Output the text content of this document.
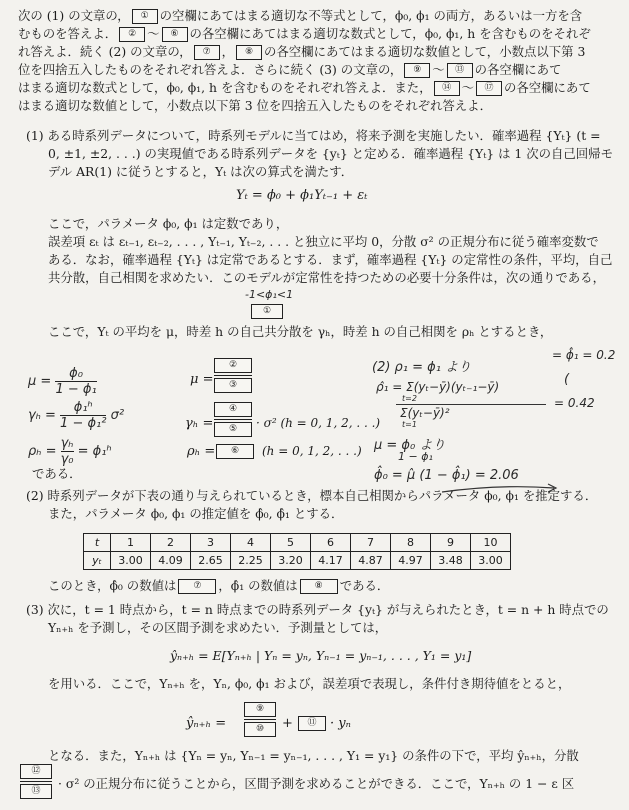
次の (1) の文章の， ① の空欄にあてはまる適切な不等式として，ϕ₀, ϕ₁ の両方，あるいは一方を含
むものを答えよ． ② 〜 ⑥ の各空欄にあてはまる適切な数式として，ϕ₀, ϕ₁, h を含むものをそれぞ
れ答えよ．続く (2) の文章の， ⑦ ， ⑧ の各空欄にあてはまる適切な数値として，小数点以下第 3
位を四捨五入したものをそれぞれ答えよ．さらに続く (3) の文章の， ⑨ 〜 ⑬ の各空欄にあて
はまる適切な数式として，ϕ₀, ϕ₁, h を含むものをそれぞれ答えよ．また， ⑭ 〜 ⑰ の各空欄にあて
はまる適切な数値として，小数点以下第 3 位を四捨五入したものをそれぞれ答えよ．
(1) ある時系列データについて，時系列モデルに当てはめ，将来予測を実施したい．確率過程 {Yₜ} (t =
0, ±1, ±2, . . .) の実現値である時系列データを {yₜ} と定める．確率過程 {Yₜ} は 1 次の自己回帰モ
デル AR(1) に従うとすると，Yₜ は次の算式を満たす．
Yₜ = ϕ₀ + ϕ₁Yₜ₋₁ + εₜ
ここで，パラメータ ϕ₀, ϕ₁ は定数であり，
誤差項 εₜ は εₜ₋₁, εₜ₋₂, . . . , Yₜ₋₁, Yₜ₋₂, . . . と独立に平均 0，分散 σ² の正規分布に従う確率変数で
ある．なお，確率過程 {Yₜ} は定常であるとする．まず，確率過程 {Yₜ} の定常性の条件，平均，自己
共分散，自己相関を求めたい．このモデルが定常性を持つための必要十分条件は，次の通りである，
-1<ϕ₁<1
①
ここで，Yₜ の平均を μ，時差 h の自己共分散を γₕ，時差 h の自己相関を ρₕ とするとき，
μ =
②
③
γₕ =
④
⑤	· σ² (h = 0, 1, 2, . . .)
ρₕ =	⑥	(h = 0, 1, 2, . . .)
である．
$\mu = \frac{\text{ϕ₀}}{\text{1 − ϕ₁}}$
$\gamma_h = \frac{\text{ϕ₁ʰ}}{\text{1 − ϕ₁²}} \sigma^2$
$\rho_h = \frac{\text{γₕ}}{\text{γ₀}}$ = ϕ₁ʰ
(2) ρ₁ = ϕ₁ より
ρ̂₁ = Σ(yₜ−ȳ)(yₜ₋₁−ȳ)
t=2
Σ(yₜ−ȳ)²
t=1
μ = ϕ₀ より
1 − ϕ₁
ϕ̂₀ = μ̂ (1 − ϕ̂₁) = 2.06
= ϕ̂₁ = 0.2
(
= 0.42
(2) 時系列データが下表の通り与えられているとき，標本自己相関からパラメータ ϕ₀, ϕ₁ を推定する．
また，パラメータ ϕ₀, ϕ₁ の推定値を ϕ̂₀, ϕ̂₁ とする．
t	1	2	3	4	5	6	7	8	9	10
yₜ	3.00	4.09	2.65	2.25	3.20	4.17	4.87	4.97	3.48	3.00
このとき，ϕ̂₀ の数値は ⑦ ，ϕ̂₁ の数値は ⑧ である．
(3) 次に，t = 1 時点から，t = n 時点までの時系列データ {yₜ} が与えられたとき，t = n + h 時点での
Yₙ₊ₕ を予測し，その区間予測を求めたい．予測量としては，
ŷₙ₊ₕ = E[Yₙ₊ₕ | Yₙ = yₙ, Yₙ₋₁ = yₙ₋₁, . . . , Y₁ = y₁]
を用いる．ここで，Yₙ₊ₕ を，Yₙ, ϕ₀, ϕ₁ および，誤差項で表現し，条件付き期待値をとると，
ŷₙ₊ₕ =
⑨
⑩	+	⑪	· yₙ
となる．また，Yₙ₊ₕ は {Yₙ = yₙ, Yₙ₋₁ = yₙ₋₁, . . . , Y₁ = y₁} の条件の下で，平均 ŷₙ₊ₕ，分散
⑫
⑬	· σ² の正規分布に従うことから，区間予測を求めることができる．ここで，Yₙ₊ₕ の 1 − ε 区
